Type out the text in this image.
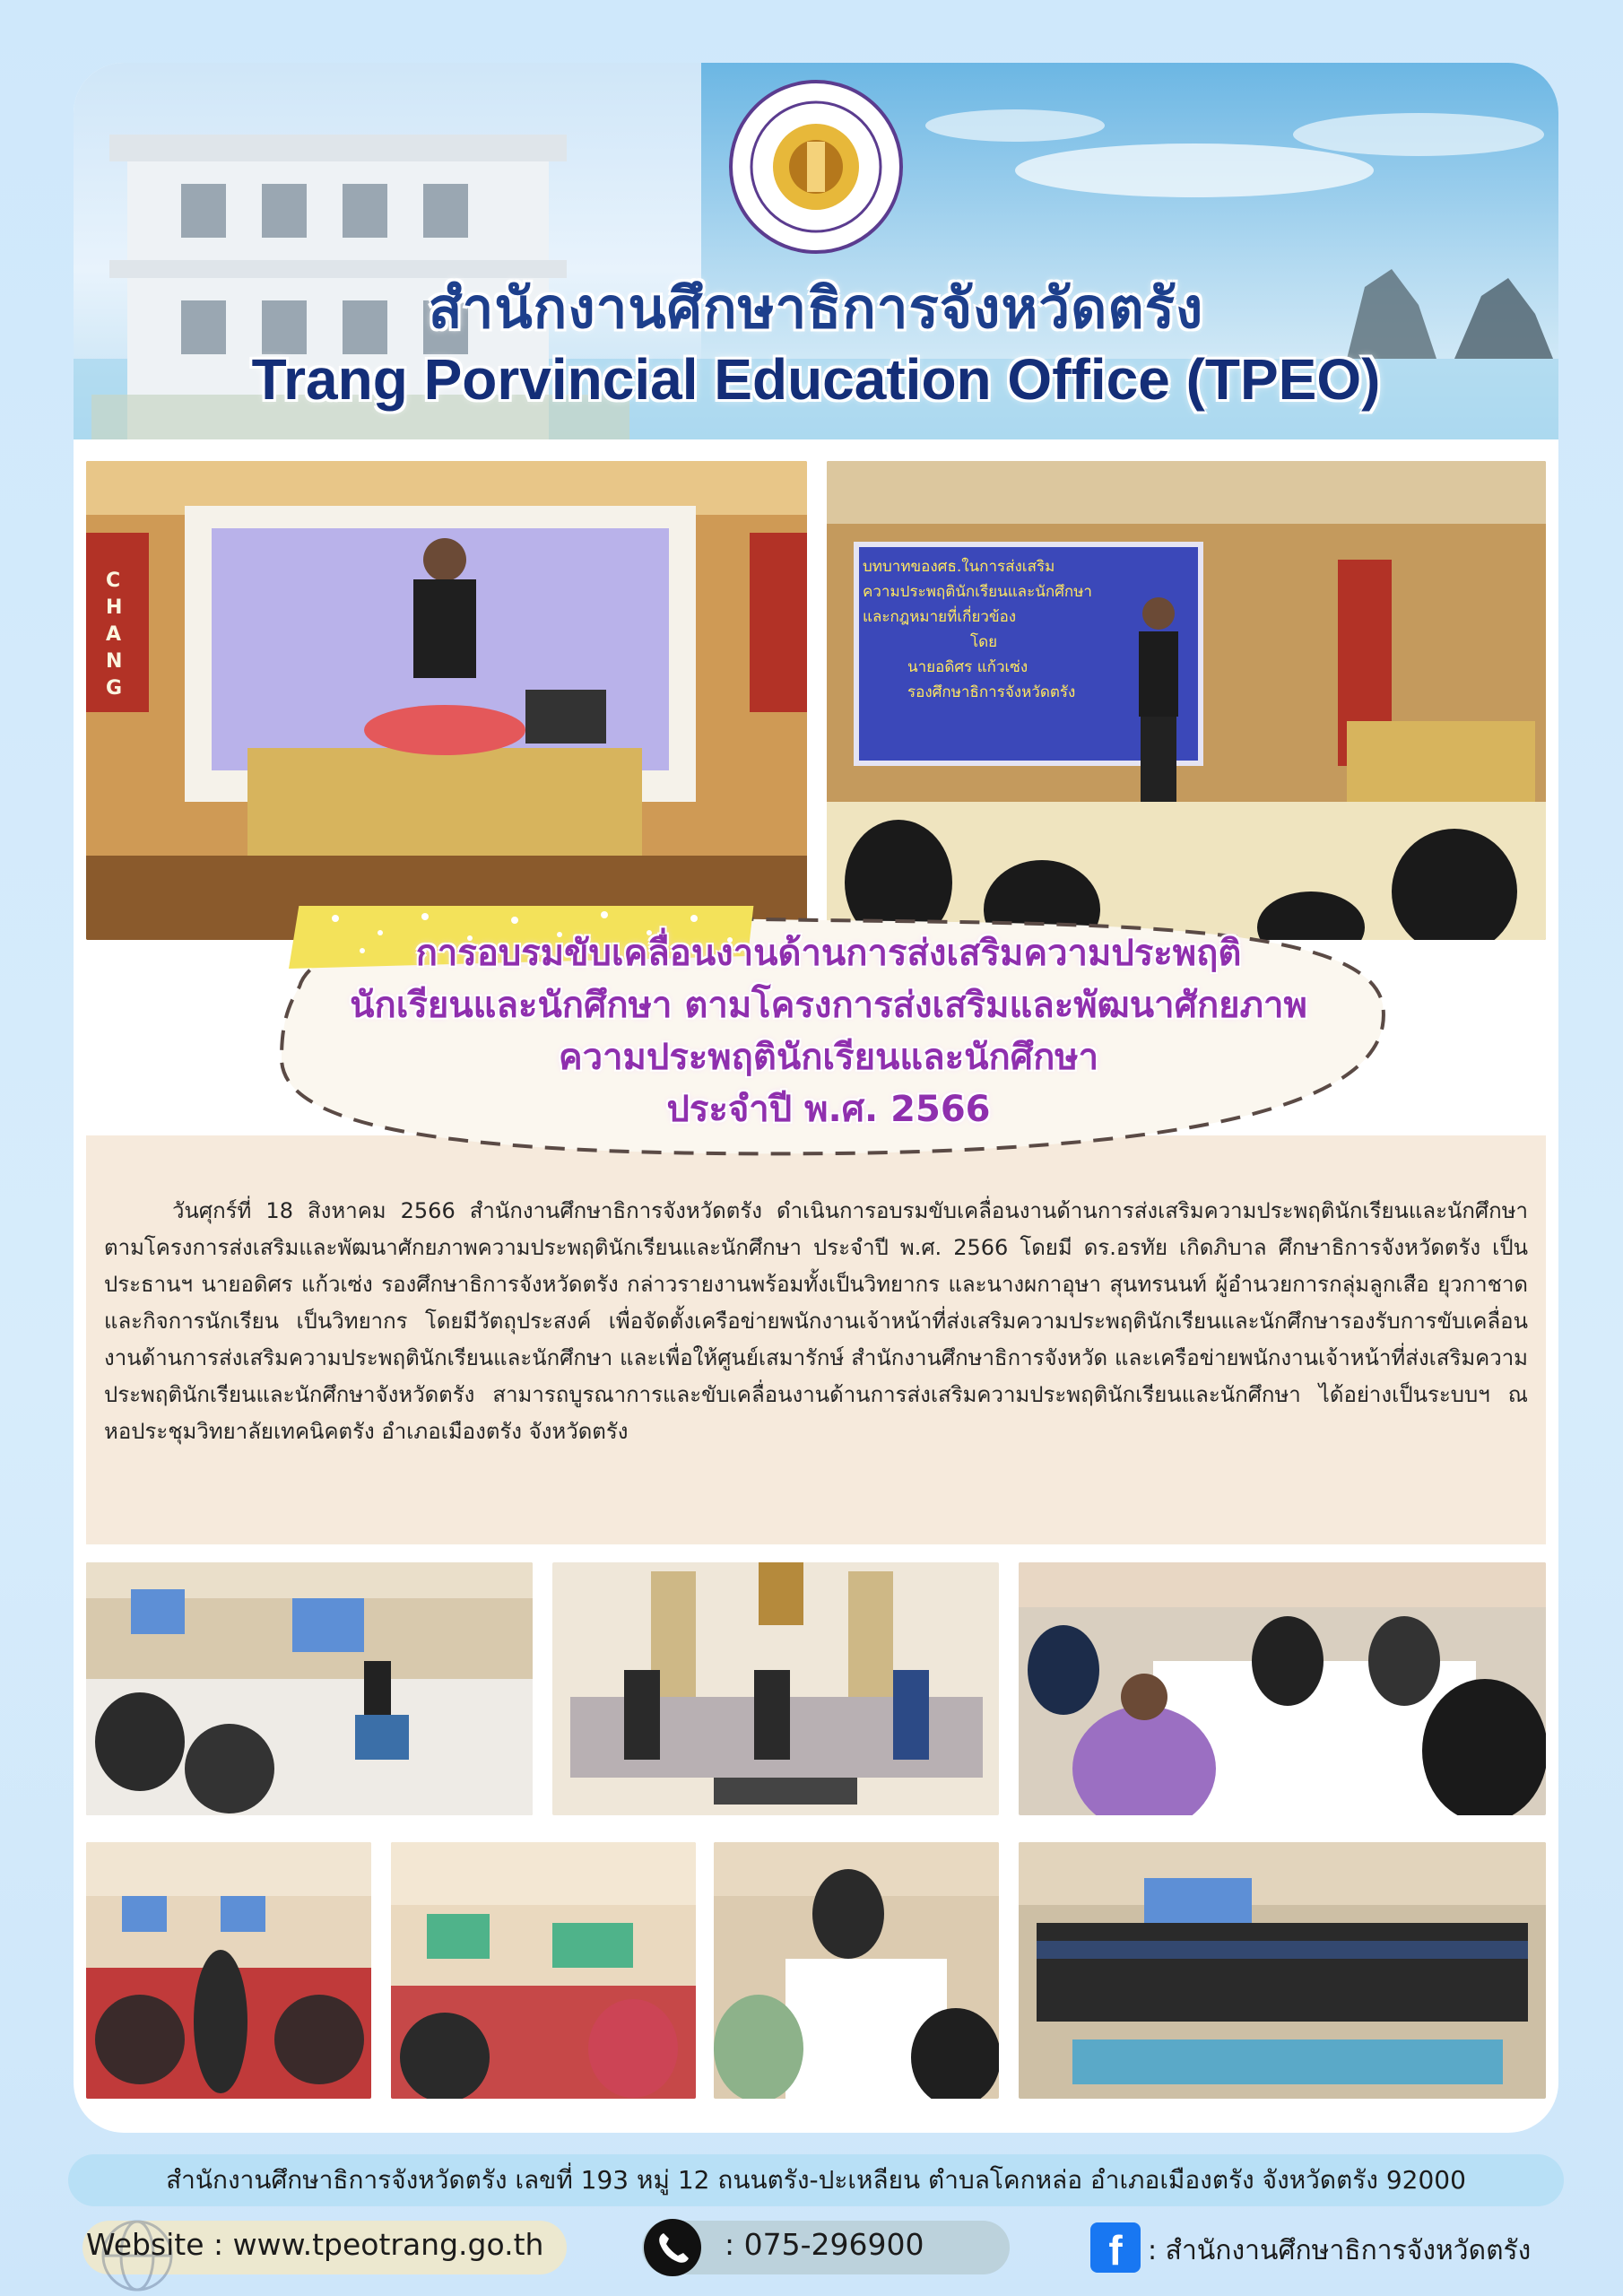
สำนักงานศึกษาธิการจังหวัดตรัง
Trang Porvincial Education Office (TPEO)
C
H
A
N
G
บทบาทของศธ.ในการส่งเสริม
ความประพฤตินักเรียนและนักศึกษา
และกฎหมายที่เกี่ยวข้อง
โดย
นายอดิศร แก้วเซ่ง
รองศึกษาธิการจังหวัดตรัง

วันศุกร์ที่ 18 สิงหาคม 2566 สำนักงานศึกษาธิการจังหวัดตรัง ดำเนินการอบรมขับเคลื่อนงานด้านการส่งเสริมความประพฤตินักเรียนและนักศึกษา ตามโครงการส่งเสริมและพัฒนาศักยภาพความประพฤตินักเรียนและนักศึกษา ประจำปี พ.ศ. 2566 โดยมี ดร.อรทัย เกิดภิบาล ศึกษาธิการจังหวัดตรัง เป็นประธานฯ นายอดิศร แก้วเซ่ง รองศึกษาธิการจังหวัดตรัง กล่าวรายงานพร้อมทั้งเป็นวิทยากร และนางผกาอุษา สุนทรนนท์ ผู้อำนวยการกลุ่มลูกเสือ ยุวกาชาดและกิจการนักเรียน เป็นวิทยากร โดยมีวัตถุประสงค์ เพื่อจัดตั้งเครือข่ายพนักงานเจ้าหน้าที่ส่งเสริมความประพฤตินักเรียนและนักศึกษารองรับการขับเคลื่อนงานด้านการส่งเสริมความประพฤตินักเรียนและนักศึกษา และเพื่อให้ศูนย์เสมารักษ์ สำนักงานศึกษาธิการจังหวัด และเครือข่ายพนักงานเจ้าหน้าที่ส่งเสริมความประพฤตินักเรียนและนักศึกษาจังหวัดตรัง สามารถบูรณาการและขับเคลื่อนงานด้านการส่งเสริมความประพฤตินักเรียนและนักศึกษา ได้อย่างเป็นระบบฯ ณ หอประชุมวิทยาลัยเทคนิคตรัง อำเภอเมืองตรัง จังหวัดตรัง

การอบรมขับเคลื่อนงานด้านการส่งเสริมความประพฤติ
นักเรียนและนักศึกษา ตามโครงการส่งเสริมและพัฒนาศักยภาพ
ความประพฤตินักเรียนและนักศึกษา
ประจำปี พ.ศ. 2566
สำนักงานศึกษาธิการจังหวัดตรัง เลขที่ 193 หมู่ 12 ถนนตรัง-ปะเหลียน ตำบลโคกหล่อ อำเภอเมืองตรัง จังหวัดตรัง 92000
Website : www.tpeotrang.go.th	: 075-296900	f : สำนักงานศึกษาธิการจังหวัดตรัง
